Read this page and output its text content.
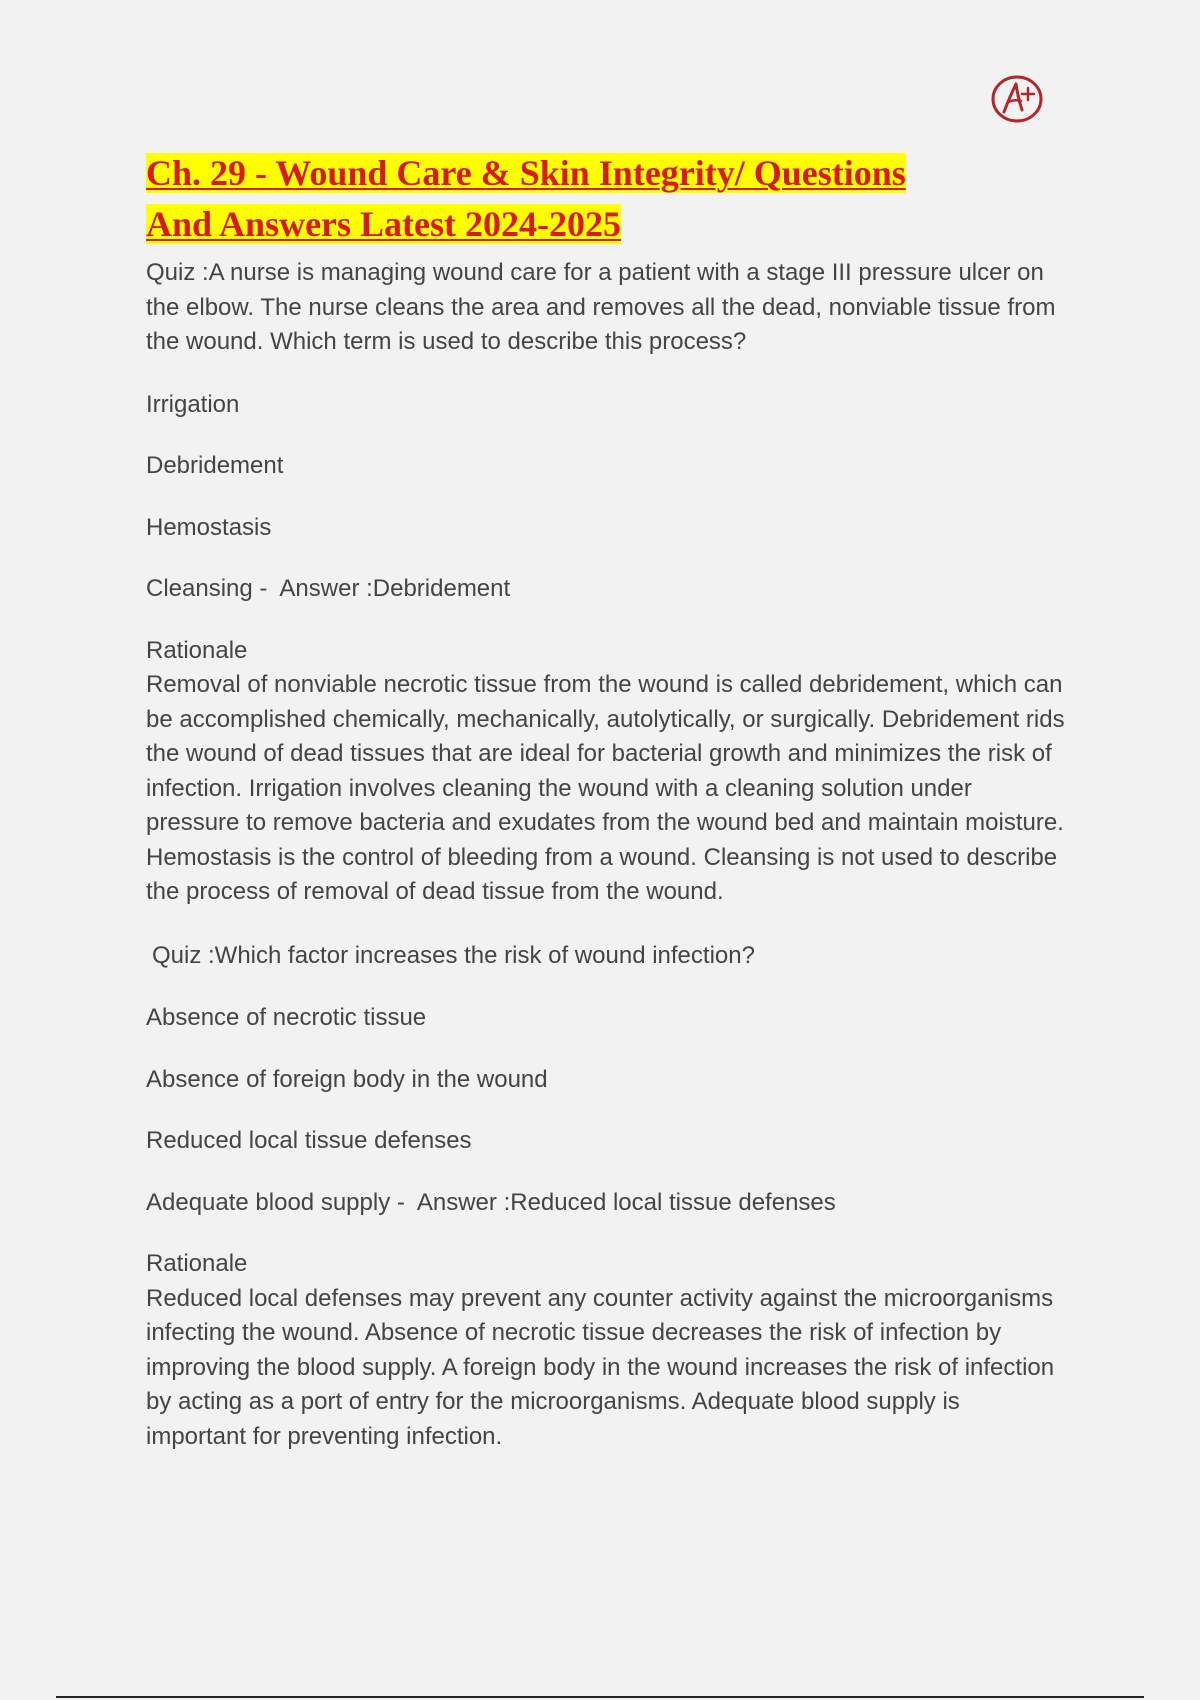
Ch. 29 - Wound Care & Skin Integrity/ Questions
And Answers Latest 2024-2025

Quiz :A nurse is managing wound care for a patient with a stage III pressure ulcer on the elbow. The nurse cleans the area and removes all the dead, nonviable tissue from the wound. Which term is used to describe this process?

Irrigation

Debridement

Hemostasis

Cleansing -  Answer :Debridement

Rationale

Removal of nonviable necrotic tissue from the wound is called debridement, which can be accomplished chemically, mechanically, autolytically, or surgically. Debridement rids the wound of dead tissues that are ideal for bacterial growth and minimizes the risk of infection. Irrigation involves cleaning the wound with a cleaning solution under pressure to remove bacteria and exudates from the wound bed and maintain moisture. Hemostasis is the control of bleeding from a wound. Cleansing is not used to describe the process of removal of dead tissue from the wound.

Quiz :Which factor increases the risk of wound infection?

Absence of necrotic tissue

Absence of foreign body in the wound

Reduced local tissue defenses

Adequate blood supply -  Answer :Reduced local tissue defenses

Rationale

Reduced local defenses may prevent any counter activity against the microorganisms infecting the wound. Absence of necrotic tissue decreases the risk of infection by improving the blood supply. A foreign body in the wound increases the risk of infection by acting as a port of entry for the microorganisms. Adequate blood supply is important for preventing infection.
